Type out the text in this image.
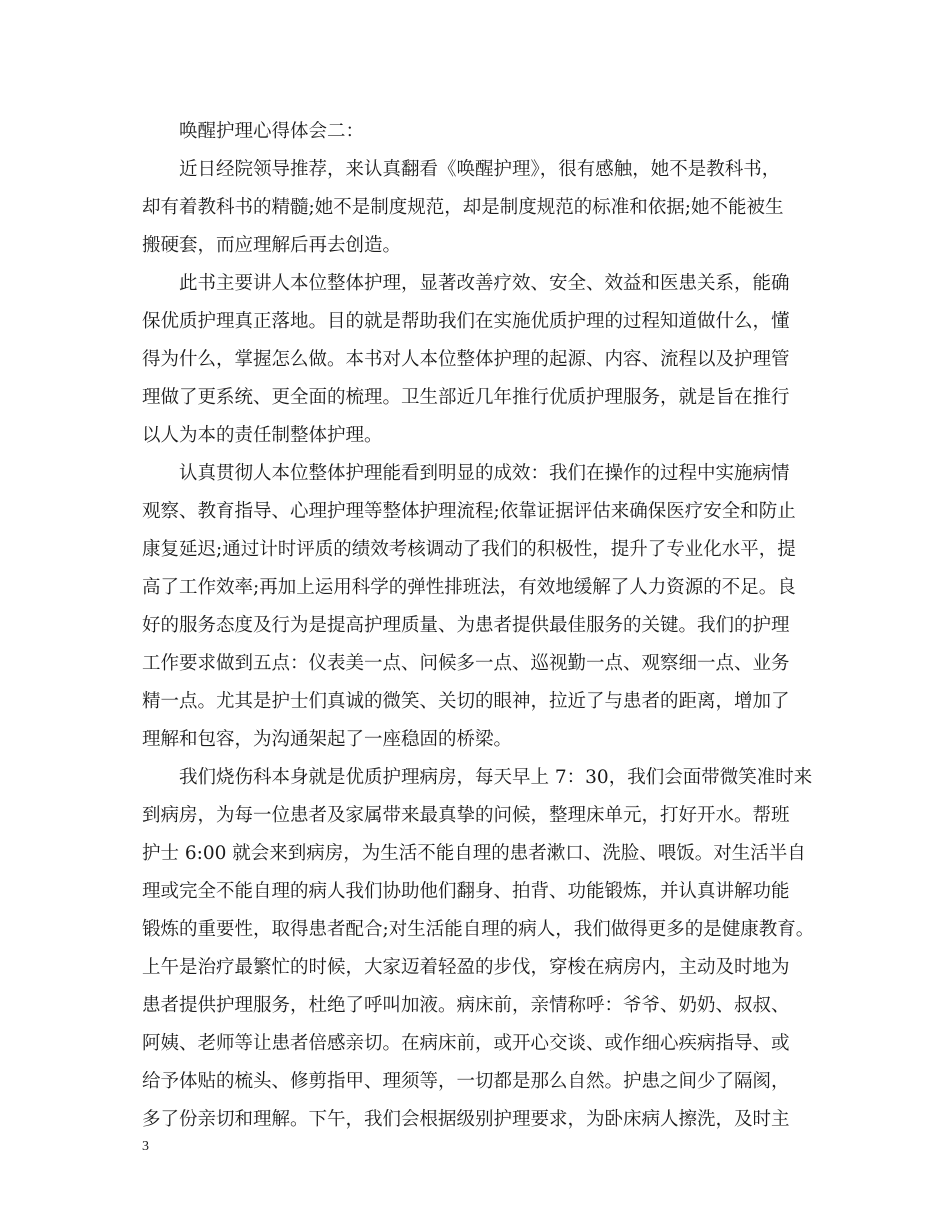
唤醒护理心得体会二：
近日经院领导推荐，来认真翻看《唤醒护理》，很有感触，她不是教科书，
却有着教科书的精髓;她不是制度规范，却是制度规范的标准和依据;她不能被生
搬硬套，而应理解后再去创造。
此书主要讲人本位整体护理，显著改善疗效、安全、效益和医患关系，能确
保优质护理真正落地。目的就是帮助我们在实施优质护理的过程知道做什么，懂
得为什么，掌握怎么做。本书对人本位整体护理的起源、内容、流程以及护理管
理做了更系统、更全面的梳理。卫生部近几年推行优质护理服务，就是旨在推行
以人为本的责任制整体护理。
认真贯彻人本位整体护理能看到明显的成效：我们在操作的过程中实施病情
观察、教育指导、心理护理等整体护理流程;依靠证据评估来确保医疗安全和防止
康复延迟;通过计时评质的绩效考核调动了我们的积极性，提升了专业化水平，提
高了工作效率;再加上运用科学的弹性排班法，有效地缓解了人力资源的不足。良
好的服务态度及行为是提高护理质量、为患者提供最佳服务的关键。我们的护理
工作要求做到五点：仪表美一点、问候多一点、巡视勤一点、观察细一点、业务
精一点。尤其是护士们真诚的微笑、关切的眼神，拉近了与患者的距离，增加了
理解和包容，为沟通架起了一座稳固的桥梁。
我们烧伤科本身就是优质护理病房，每天早上 7：30，我们会面带微笑准时来
到病房，为每一位患者及家属带来最真挚的问候，整理床单元，打好开水。帮班
护士 6:00 就会来到病房，为生活不能自理的患者漱口、洗脸、喂饭。对生活半自
理或完全不能自理的病人我们协助他们翻身、拍背、功能锻炼，并认真讲解功能
锻炼的重要性，取得患者配合;对生活能自理的病人，我们做得更多的是健康教育。
上午是治疗最繁忙的时候，大家迈着轻盈的步伐，穿梭在病房内，主动及时地为
患者提供护理服务，杜绝了呼叫加液。病床前，亲情称呼：爷爷、奶奶、叔叔、
阿姨、老师等让患者倍感亲切。在病床前，或开心交谈、或作细心疾病指导、或
给予体贴的梳头、修剪指甲、理须等，一切都是那么自然。护患之间少了隔阂，
多了份亲切和理解。下午，我们会根据级别护理要求，为卧床病人擦洗，及时主
3
